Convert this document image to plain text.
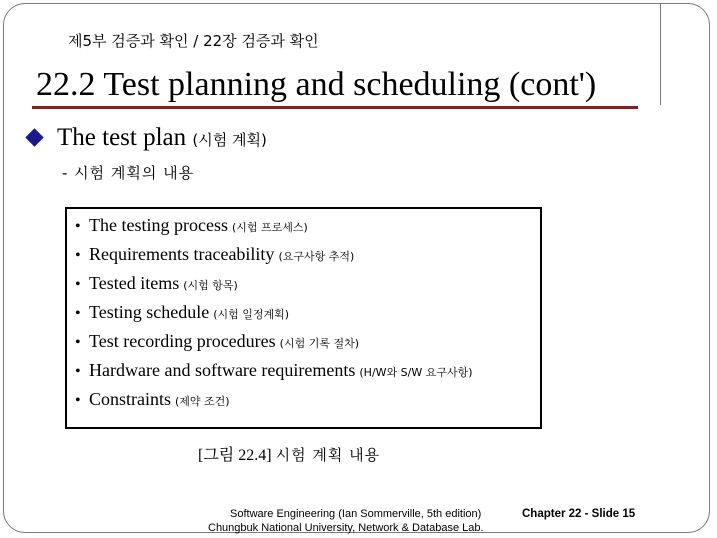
제5부 검증과 확인 / 22장 검증과 확인
22.2 Test planning and scheduling (cont')
The test plan (시험 계획)
- 시험 계획의 내용
• The testing process (시험 프로세스)
• Requirements traceability (요구사항 추적)
• Tested items (시험 항목)
• Testing schedule (시험 일정계획)
• Test recording procedures (시험 기록 절차)
• Hardware and software requirements (H/W와 S/W 요구사항)
• Constraints (제약 조건)
[그림 22.4] 시험 계획 내용
Software Engineering (Ian Sommerville, 5th edition)
Chungbuk National University, Network & Database Lab.
Chapter 22 - Slide 15
